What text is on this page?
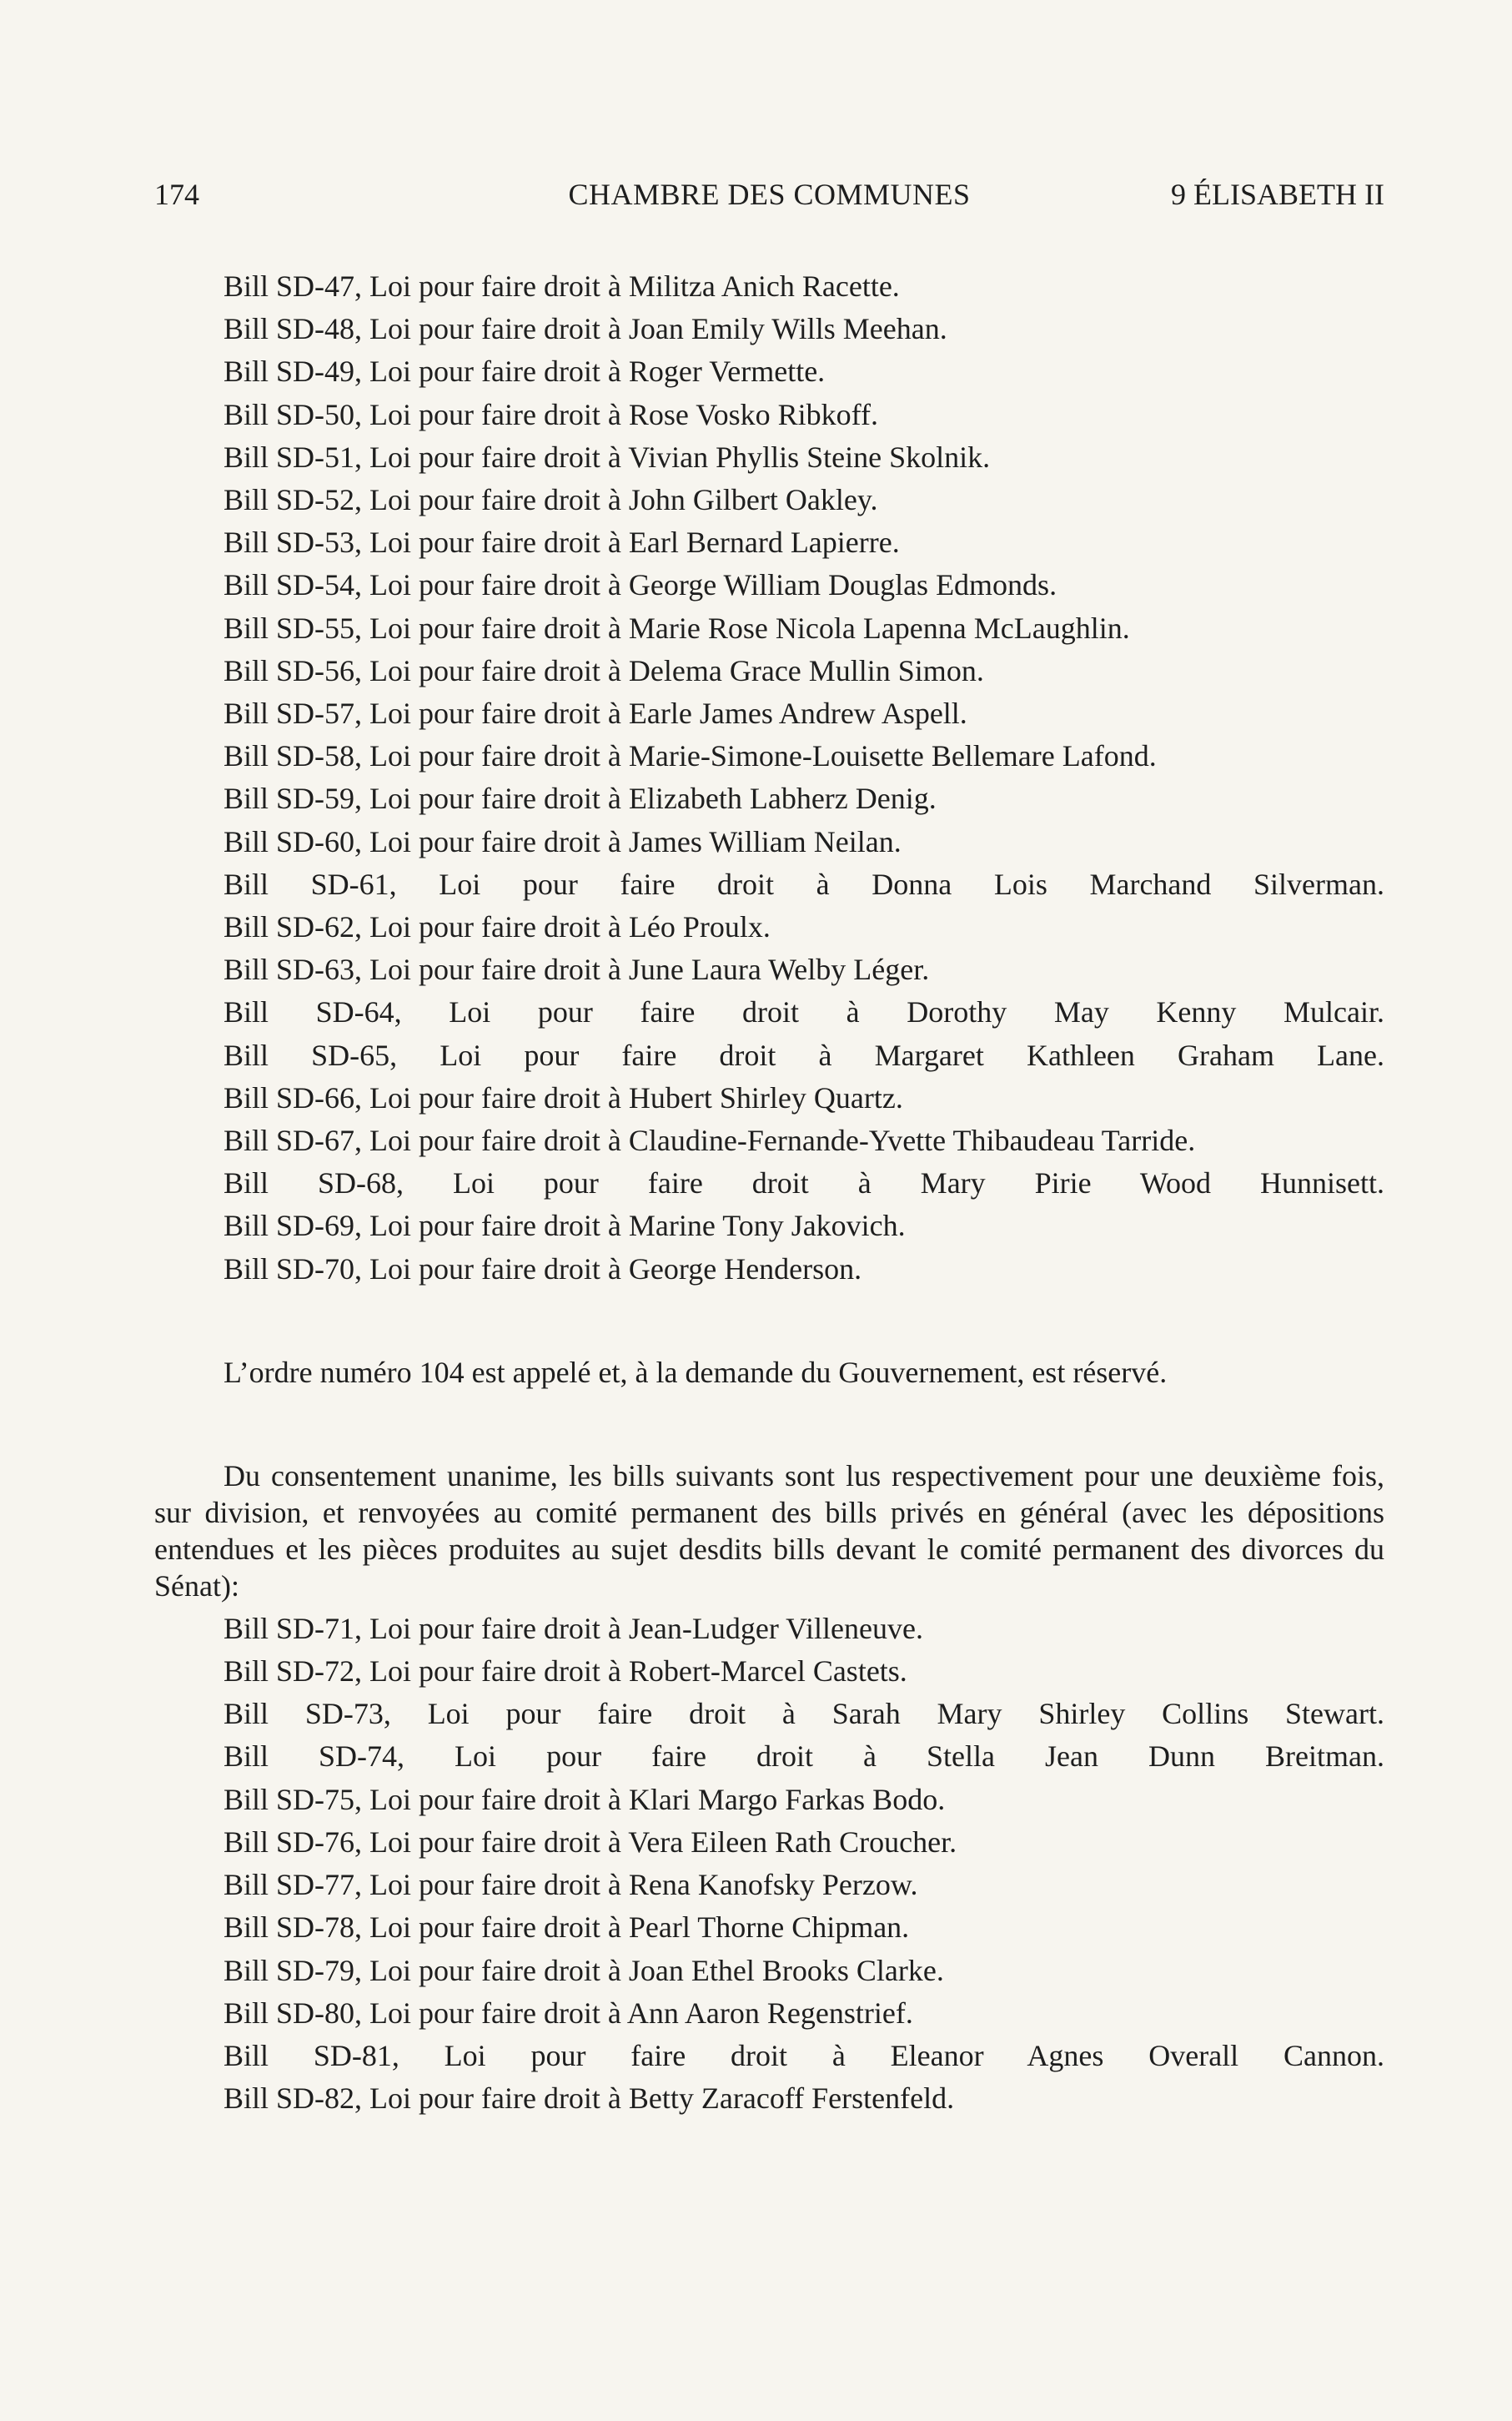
174	CHAMBRE DES COMMUNES	9 ÉLISABETH II

Bill SD-47, Loi pour faire droit à Militza Anich Racette.

Bill SD-48, Loi pour faire droit à Joan Emily Wills Meehan.

Bill SD-49, Loi pour faire droit à Roger Vermette.

Bill SD-50, Loi pour faire droit à Rose Vosko Ribkoff.

Bill SD-51, Loi pour faire droit à Vivian Phyllis Steine Skolnik.

Bill SD-52, Loi pour faire droit à John Gilbert Oakley.

Bill SD-53, Loi pour faire droit à Earl Bernard Lapierre.

Bill SD-54, Loi pour faire droit à George William Douglas Edmonds.

Bill SD-55, Loi pour faire droit à Marie Rose Nicola Lapenna McLaughlin.

Bill SD-56, Loi pour faire droit à Delema Grace Mullin Simon.

Bill SD-57, Loi pour faire droit à Earle James Andrew Aspell.

Bill SD-58, Loi pour faire droit à Marie-Simone-Louisette Bellemare Lafond.

Bill SD-59, Loi pour faire droit à Elizabeth Labherz Denig.

Bill SD-60, Loi pour faire droit à James William Neilan.

Bill SD-61, Loi pour faire droit à Donna Lois Marchand Silverman.

Bill SD-62, Loi pour faire droit à Léo Proulx.

Bill SD-63, Loi pour faire droit à June Laura Welby Léger.

Bill SD-64, Loi pour faire droit à Dorothy May Kenny Mulcair.

Bill SD-65, Loi pour faire droit à Margaret Kathleen Graham Lane.

Bill SD-66, Loi pour faire droit à Hubert Shirley Quartz.

Bill SD-67, Loi pour faire droit à Claudine-Fernande-Yvette Thibaudeau Tarride.

Bill SD-68, Loi pour faire droit à Mary Pirie Wood Hunnisett.

Bill SD-69, Loi pour faire droit à Marine Tony Jakovich.

Bill SD-70, Loi pour faire droit à George Henderson.

L’ordre numéro 104 est appelé et, à la demande du Gouvernement, est réservé.

Du consentement unanime, les bills suivants sont lus respectivement pour une deuxième fois, sur division, et renvoyées au comité permanent des bills privés en général (avec les dépositions entendues et les pièces produites au sujet desdits bills devant le comité permanent des divorces du Sénat):

Bill SD-71, Loi pour faire droit à Jean-Ludger Villeneuve.

Bill SD-72, Loi pour faire droit à Robert-Marcel Castets.

Bill SD-73, Loi pour faire droit à Sarah Mary Shirley Collins Stewart.

Bill SD-74, Loi pour faire droit à Stella Jean Dunn Breitman.

Bill SD-75, Loi pour faire droit à Klari Margo Farkas Bodo.

Bill SD-76, Loi pour faire droit à Vera Eileen Rath Croucher.

Bill SD-77, Loi pour faire droit à Rena Kanofsky Perzow.

Bill SD-78, Loi pour faire droit à Pearl Thorne Chipman.

Bill SD-79, Loi pour faire droit à Joan Ethel Brooks Clarke.

Bill SD-80, Loi pour faire droit à Ann Aaron Regenstrief.

Bill SD-81, Loi pour faire droit à Eleanor Agnes Overall Cannon.

Bill SD-82, Loi pour faire droit à Betty Zaracoff Ferstenfeld.
